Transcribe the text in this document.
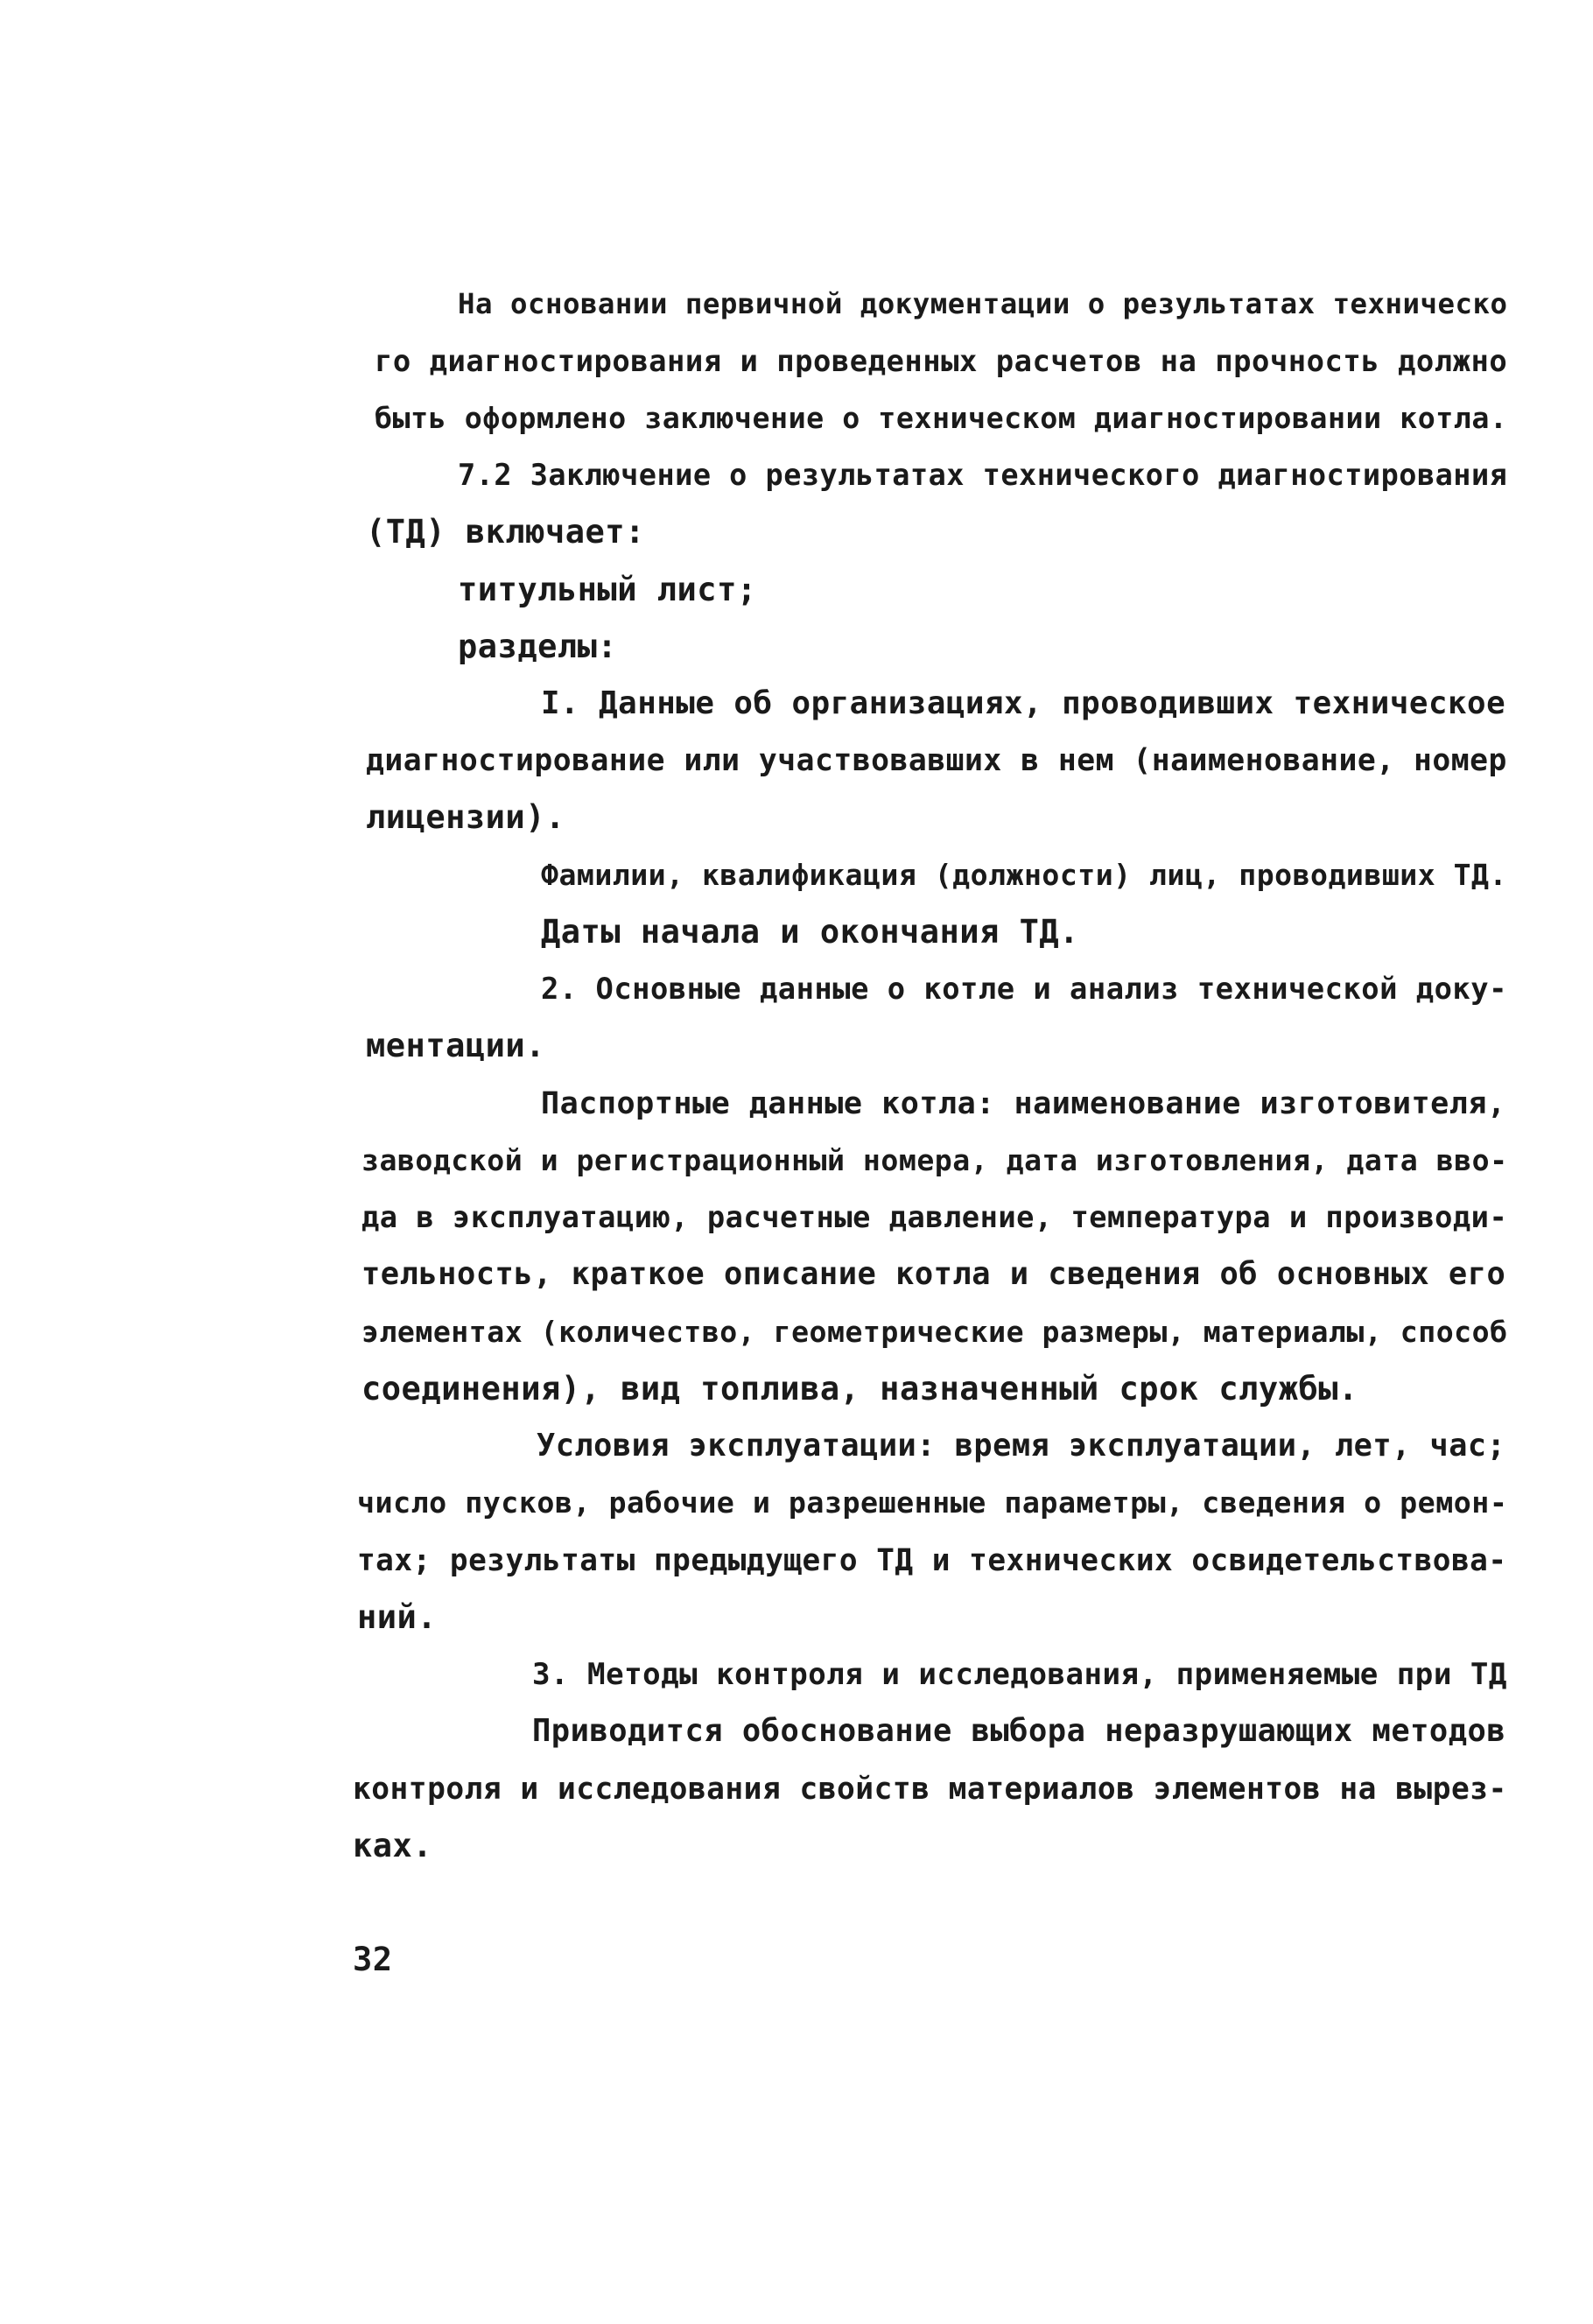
На основании первичной документации о результатах техническо
го диагностирования и проведенных расчетов на прочность должно
быть оформлено заключение о техническом диагностировании котла.
7.2 Заключение о результатах технического диагностирования
(ТД) включает:
титульный лист;
разделы:
I. Данные об организациях, проводивших техническое
диагностирование или участвовавших в нем (наименование, номер
лицензии).
Фамилии, квалификация (должности) лиц, проводивших ТД.
Даты начала и окончания ТД.
2. Основные данные о котле и анализ технической доку-
ментации.
Паспортные данные котла: наименование изготовителя,
заводской и регистрационный номера, дата изготовления, дата вво-
да в эксплуатацию, расчетные давление, температура и производи-
тельность, краткое описание котла и сведения об основных его
элементах (количество, геометрические размеры, материалы, способ
соединения), вид топлива, назначенный срок службы.
Условия эксплуатации: время эксплуатации, лет, час;
число пусков, рабочие и разрешенные параметры, сведения о ремон-
тах; результаты предыдущего ТД и технических освидетельствова-
ний.
3. Методы контроля и исследования, применяемые при ТД
Приводится обоснование выбора неразрушающих методов
контроля и исследования свойств материалов элементов на вырез-
ках.
32
